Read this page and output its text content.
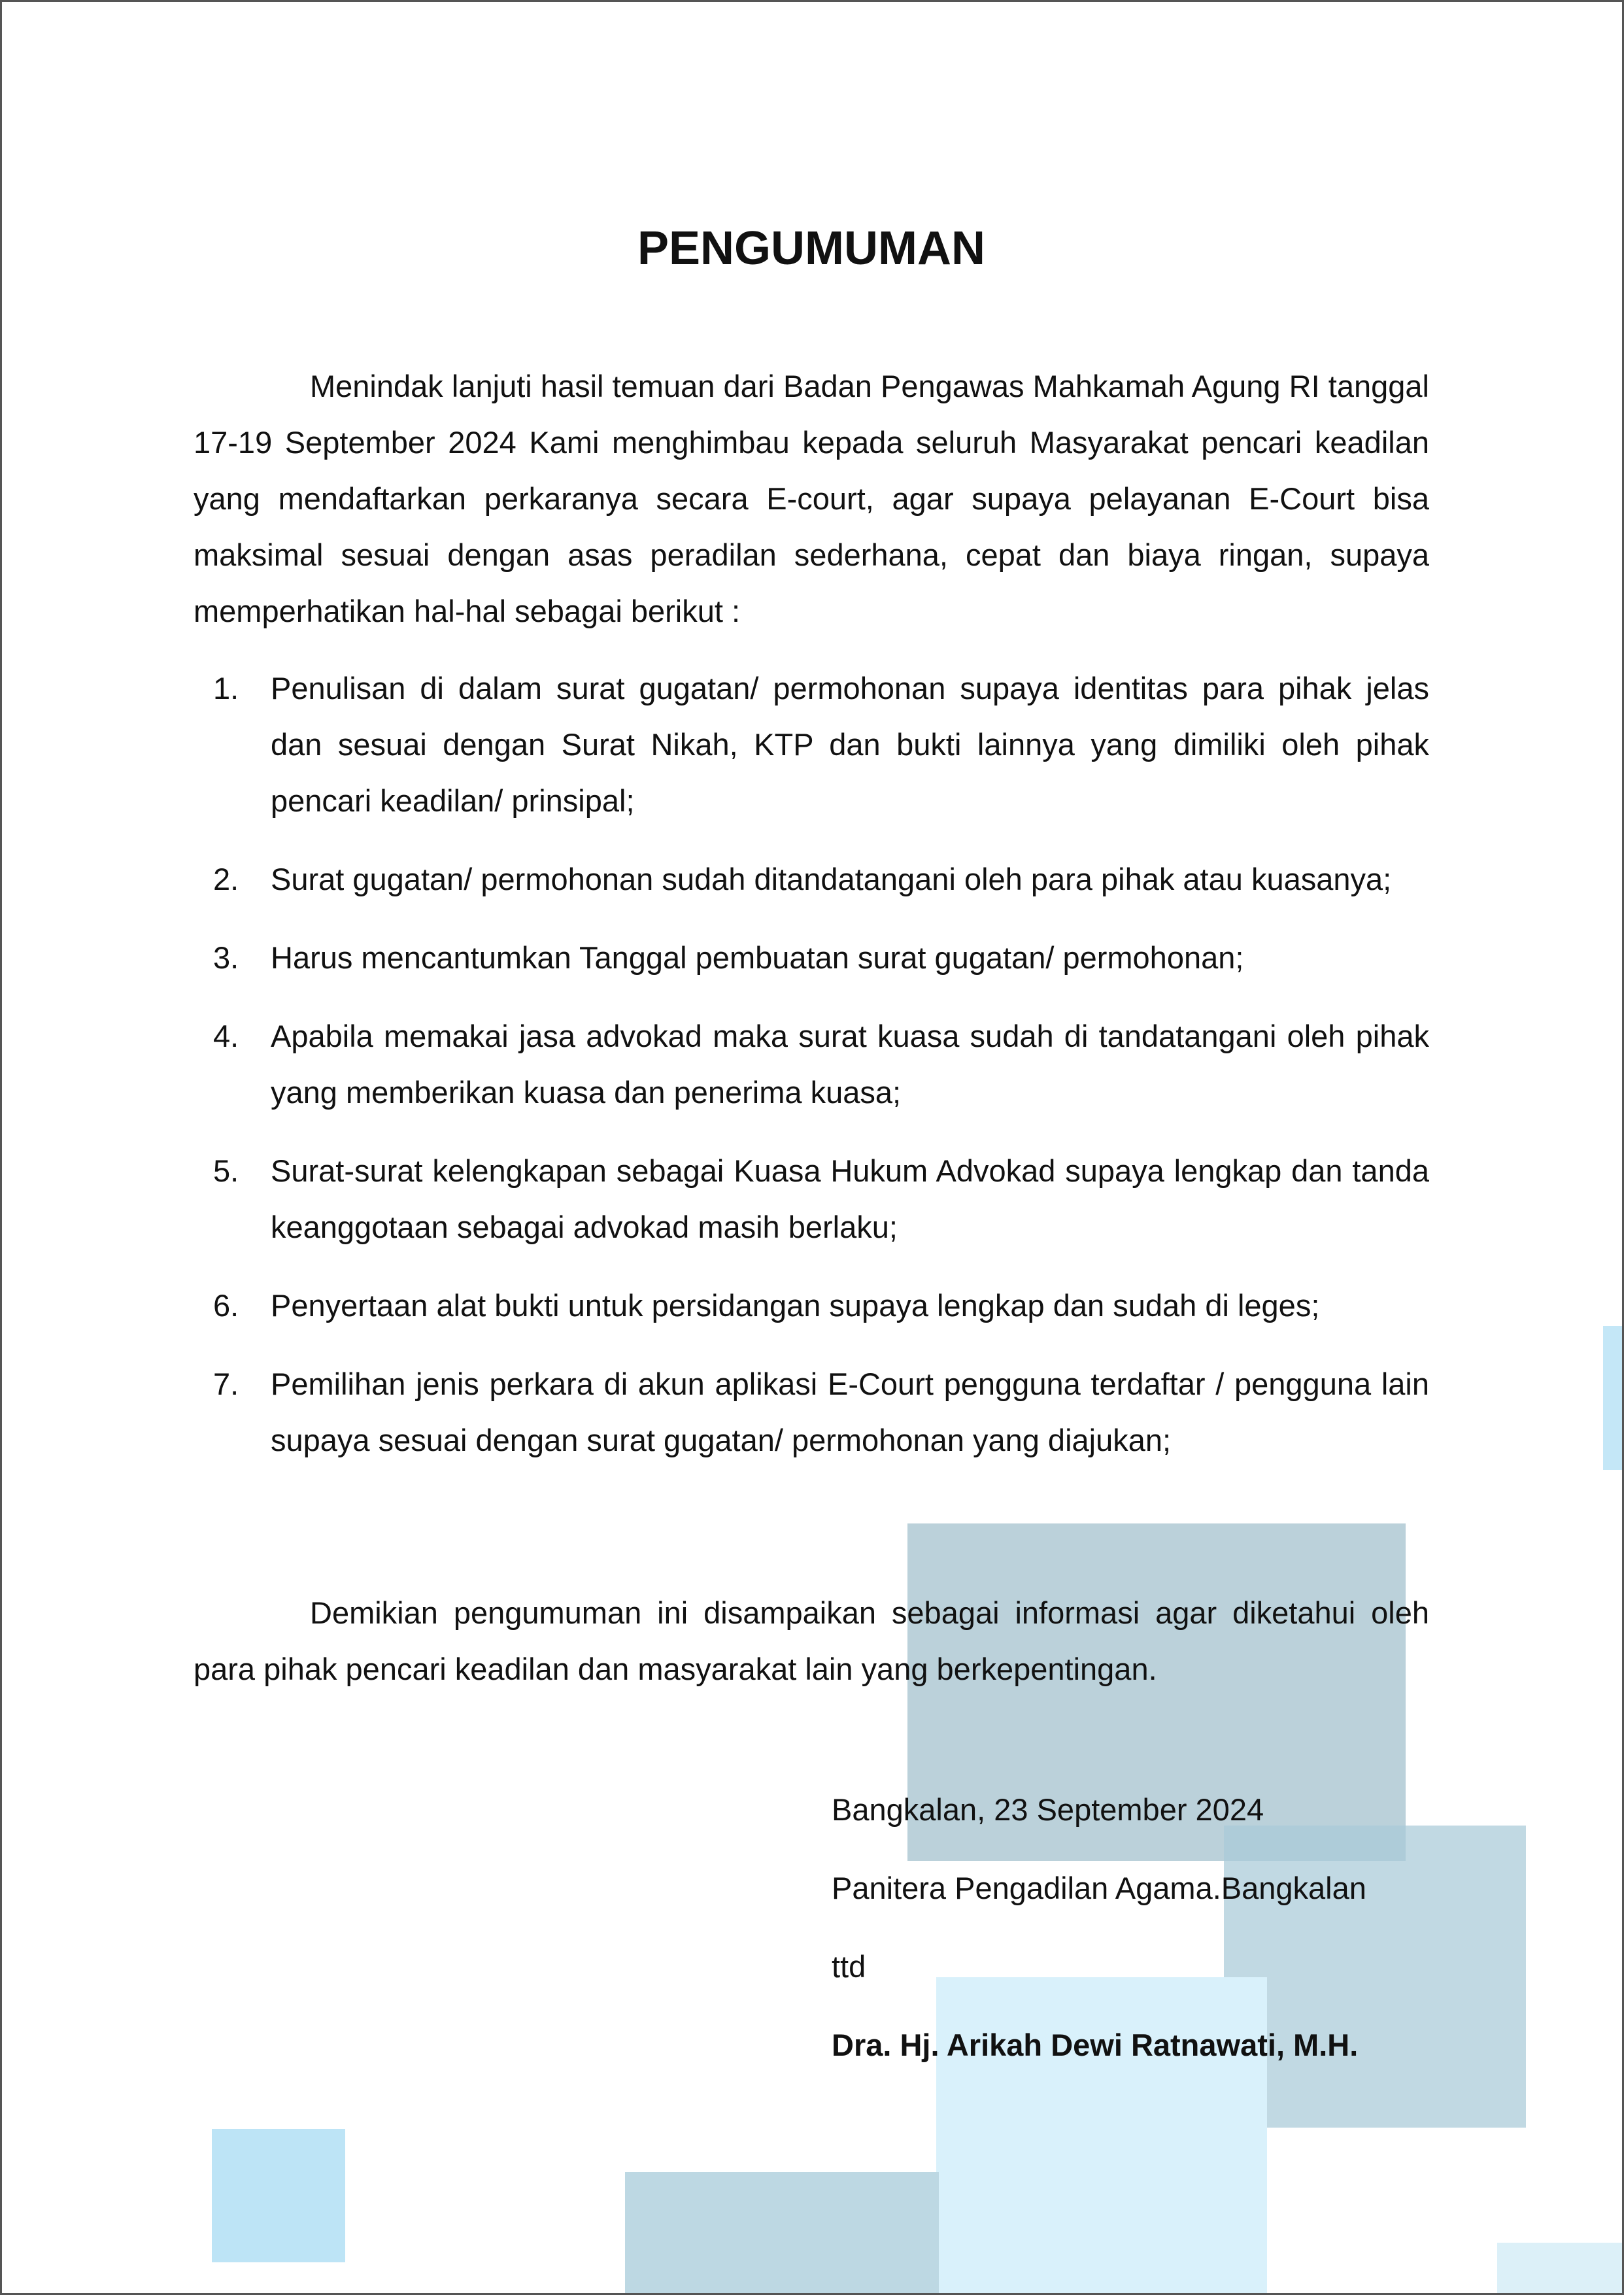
PENGUMUMAN

Menindak lanjuti hasil temuan dari Badan Pengawas Mahkamah Agung RI tanggal 17-19 September 2024 Kami menghimbau kepada seluruh Masyarakat pencari keadilan yang mendaftarkan perkaranya secara E-court, agar supaya pelayanan E-Court bisa maksimal sesuai dengan asas peradilan sederhana, cepat dan biaya ringan, supaya memperhatikan hal-hal sebagai berikut :

1. Penulisan di dalam surat gugatan/ permohonan supaya identitas para pihak jelas dan sesuai dengan Surat Nikah, KTP dan bukti lainnya yang dimiliki oleh pihak pencari keadilan/ prinsipal;
2. Surat gugatan/ permohonan sudah ditandatangani oleh para pihak atau kuasanya;
3. Harus mencantumkan Tanggal pembuatan surat gugatan/ permohonan;
4. Apabila memakai jasa advokad maka surat kuasa sudah di tandatangani oleh pihak yang memberikan kuasa dan penerima kuasa;
5. Surat-surat kelengkapan sebagai Kuasa Hukum Advokad supaya lengkap dan tanda keanggotaan sebagai advokad masih berlaku;
6. Penyertaan alat bukti untuk persidangan supaya lengkap dan sudah di leges;
7. Pemilihan jenis perkara di akun aplikasi E-Court pengguna terdaftar / pengguna lain supaya sesuai dengan surat gugatan/ permohonan yang diajukan;

Demikian pengumuman ini disampaikan sebagai informasi agar diketahui oleh para pihak pencari keadilan dan masyarakat lain yang berkepentingan.

Bangkalan, 23 September 2024

Panitera Pengadilan Agama.Bangkalan

ttd

Dra. Hj. Arikah Dewi Ratnawati, M.H.
